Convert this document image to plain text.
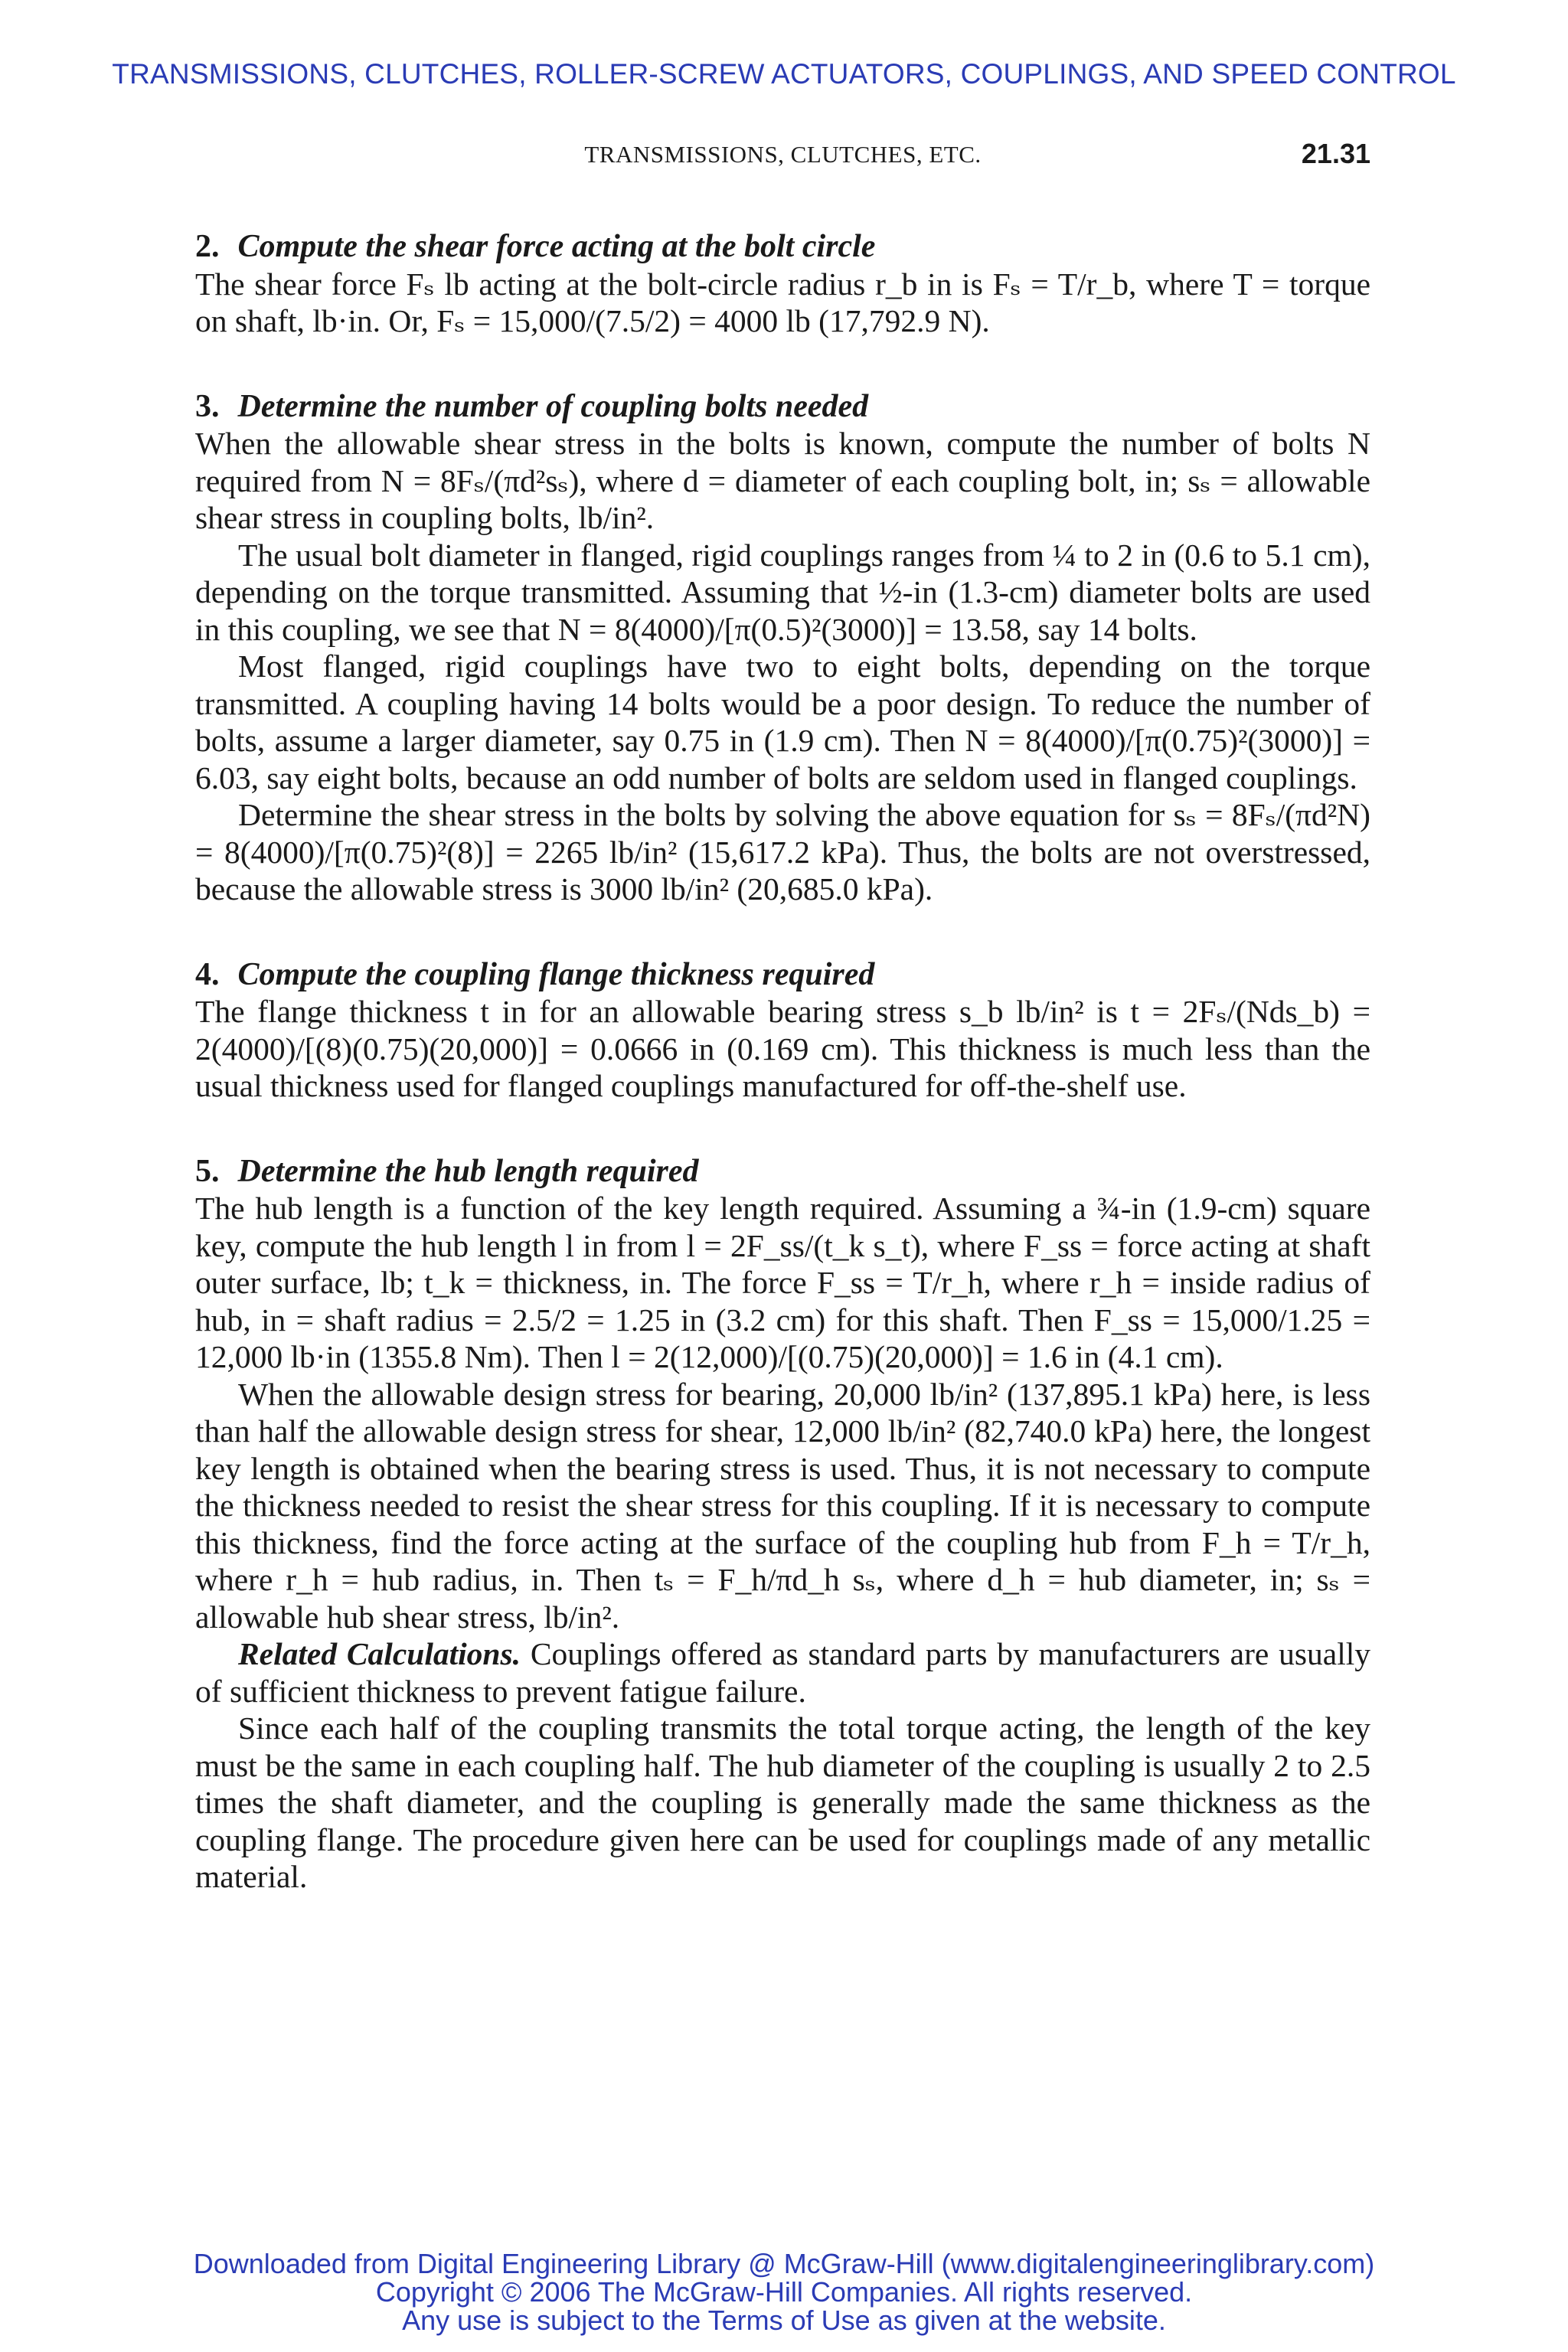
TRANSMISSIONS, CLUTCHES, ROLLER-SCREW ACTUATORS, COUPLINGS, AND SPEED CONTROL
TRANSMISSIONS, CLUTCHES, ETC.	21.31
2. Compute the shear force acting at the bolt circle

The shear force Fₛ lb acting at the bolt-circle radius r_b in is Fₛ = T/r_b, where T = torque on shaft, lb·in. Or, Fₛ = 15,000/(7.5/2) = 4000 lb (17,792.9 N).

3. Determine the number of coupling bolts needed

When the allowable shear stress in the bolts is known, compute the number of bolts N required from N = 8Fₛ/(πd²sₛ), where d = diameter of each coupling bolt, in; sₛ = allowable shear stress in coupling bolts, lb/in².

The usual bolt diameter in flanged, rigid couplings ranges from ¼ to 2 in (0.6 to 5.1 cm), depending on the torque transmitted. Assuming that ½-in (1.3-cm) diameter bolts are used in this coupling, we see that N = 8(4000)/[π(0.5)²(3000)] = 13.58, say 14 bolts.

Most flanged, rigid couplings have two to eight bolts, depending on the torque transmitted. A coupling having 14 bolts would be a poor design. To reduce the number of bolts, assume a larger diameter, say 0.75 in (1.9 cm). Then N = 8(4000)/[π(0.75)²(3000)] = 6.03, say eight bolts, because an odd number of bolts are seldom used in flanged couplings.

Determine the shear stress in the bolts by solving the above equation for sₛ = 8Fₛ/(πd²N) = 8(4000)/[π(0.75)²(8)] = 2265 lb/in² (15,617.2 kPa). Thus, the bolts are not overstressed, because the allowable stress is 3000 lb/in² (20,685.0 kPa).

4. Compute the coupling flange thickness required

The flange thickness t in for an allowable bearing stress s_b lb/in² is t = 2Fₛ/(Nds_b) = 2(4000)/[(8)(0.75)(20,000)] = 0.0666 in (0.169 cm). This thickness is much less than the usual thickness used for flanged couplings manufactured for off-the-shelf use.

5. Determine the hub length required

The hub length is a function of the key length required. Assuming a ¾-in (1.9-cm) square key, compute the hub length l in from l = 2F_ss/(t_k s_t), where F_ss = force acting at shaft outer surface, lb; t_k = thickness, in. The force F_ss = T/r_h, where r_h = inside radius of hub, in = shaft radius = 2.5/2 = 1.25 in (3.2 cm) for this shaft. Then F_ss = 15,000/1.25 = 12,000 lb·in (1355.8 Nm). Then l = 2(12,000)/[(0.75)(20,000)] = 1.6 in (4.1 cm).

When the allowable design stress for bearing, 20,000 lb/in² (137,895.1 kPa) here, is less than half the allowable design stress for shear, 12,000 lb/in² (82,740.0 kPa) here, the longest key length is obtained when the bearing stress is used. Thus, it is not necessary to compute the thickness needed to resist the shear stress for this coupling. If it is necessary to compute this thickness, find the force acting at the surface of the coupling hub from F_h = T/r_h, where r_h = hub radius, in. Then tₛ = F_h/πd_h sₛ, where d_h = hub diameter, in; sₛ = allowable hub shear stress, lb/in².

Related Calculations. Couplings offered as standard parts by manufacturers are usually of sufficient thickness to prevent fatigue failure.

Since each half of the coupling transmits the total torque acting, the length of the key must be the same in each coupling half. The hub diameter of the coupling is usually 2 to 2.5 times the shaft diameter, and the coupling is generally made the same thickness as the coupling flange. The procedure given here can be used for couplings made of any metallic material.

Downloaded from Digital Engineering Library @ McGraw-Hill (www.digitalengineeringlibrary.com)
Copyright © 2006 The McGraw-Hill Companies. All rights reserved.
Any use is subject to the Terms of Use as given at the website.
